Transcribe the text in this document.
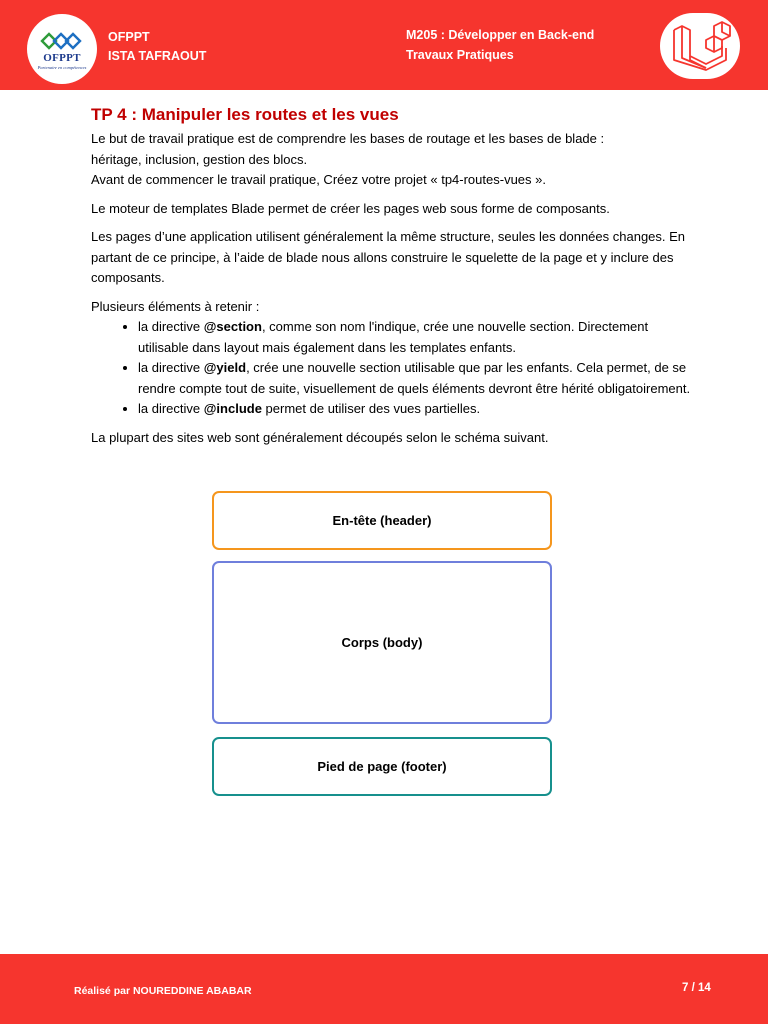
OFPPT
Partenaire en compétences
OFPPT
ISTA TAFRAOUT
M205 : Développer en Back-end
Travaux Pratiques
TP 4 : Manipuler les routes et les vues

Le but de travail pratique est de comprendre les bases de routage et les bases de blade :

héritage, inclusion, gestion des blocs.

Avant de commencer le travail pratique, Créez votre projet « tp4-routes-vues ».

Le moteur de templates Blade permet de créer les pages web sous forme de composants.

Les pages d’une application utilisent généralement la même structure, seules les données changes. En partant de ce principe, à l’aide de blade nous allons construire le squelette de la page et y inclure des composants.

Plusieurs éléments à retenir :

• la directive @section, comme son nom l'indique, crée une nouvelle section. Directement utilisable dans layout mais également dans les templates enfants.
• la directive @yield, crée une nouvelle section utilisable que par les enfants. Cela permet, de se rendre compte tout de suite, visuellement de quels éléments devront être hérité obligatoirement.
• la directive @include permet de utiliser des vues partielles.

La plupart des sites web sont généralement découpés selon le schéma suivant.

En-tête (header)
Corps (body)
Pied de page (footer)
Réalisé par NOUREDDINE ABABAR	7 / 14
